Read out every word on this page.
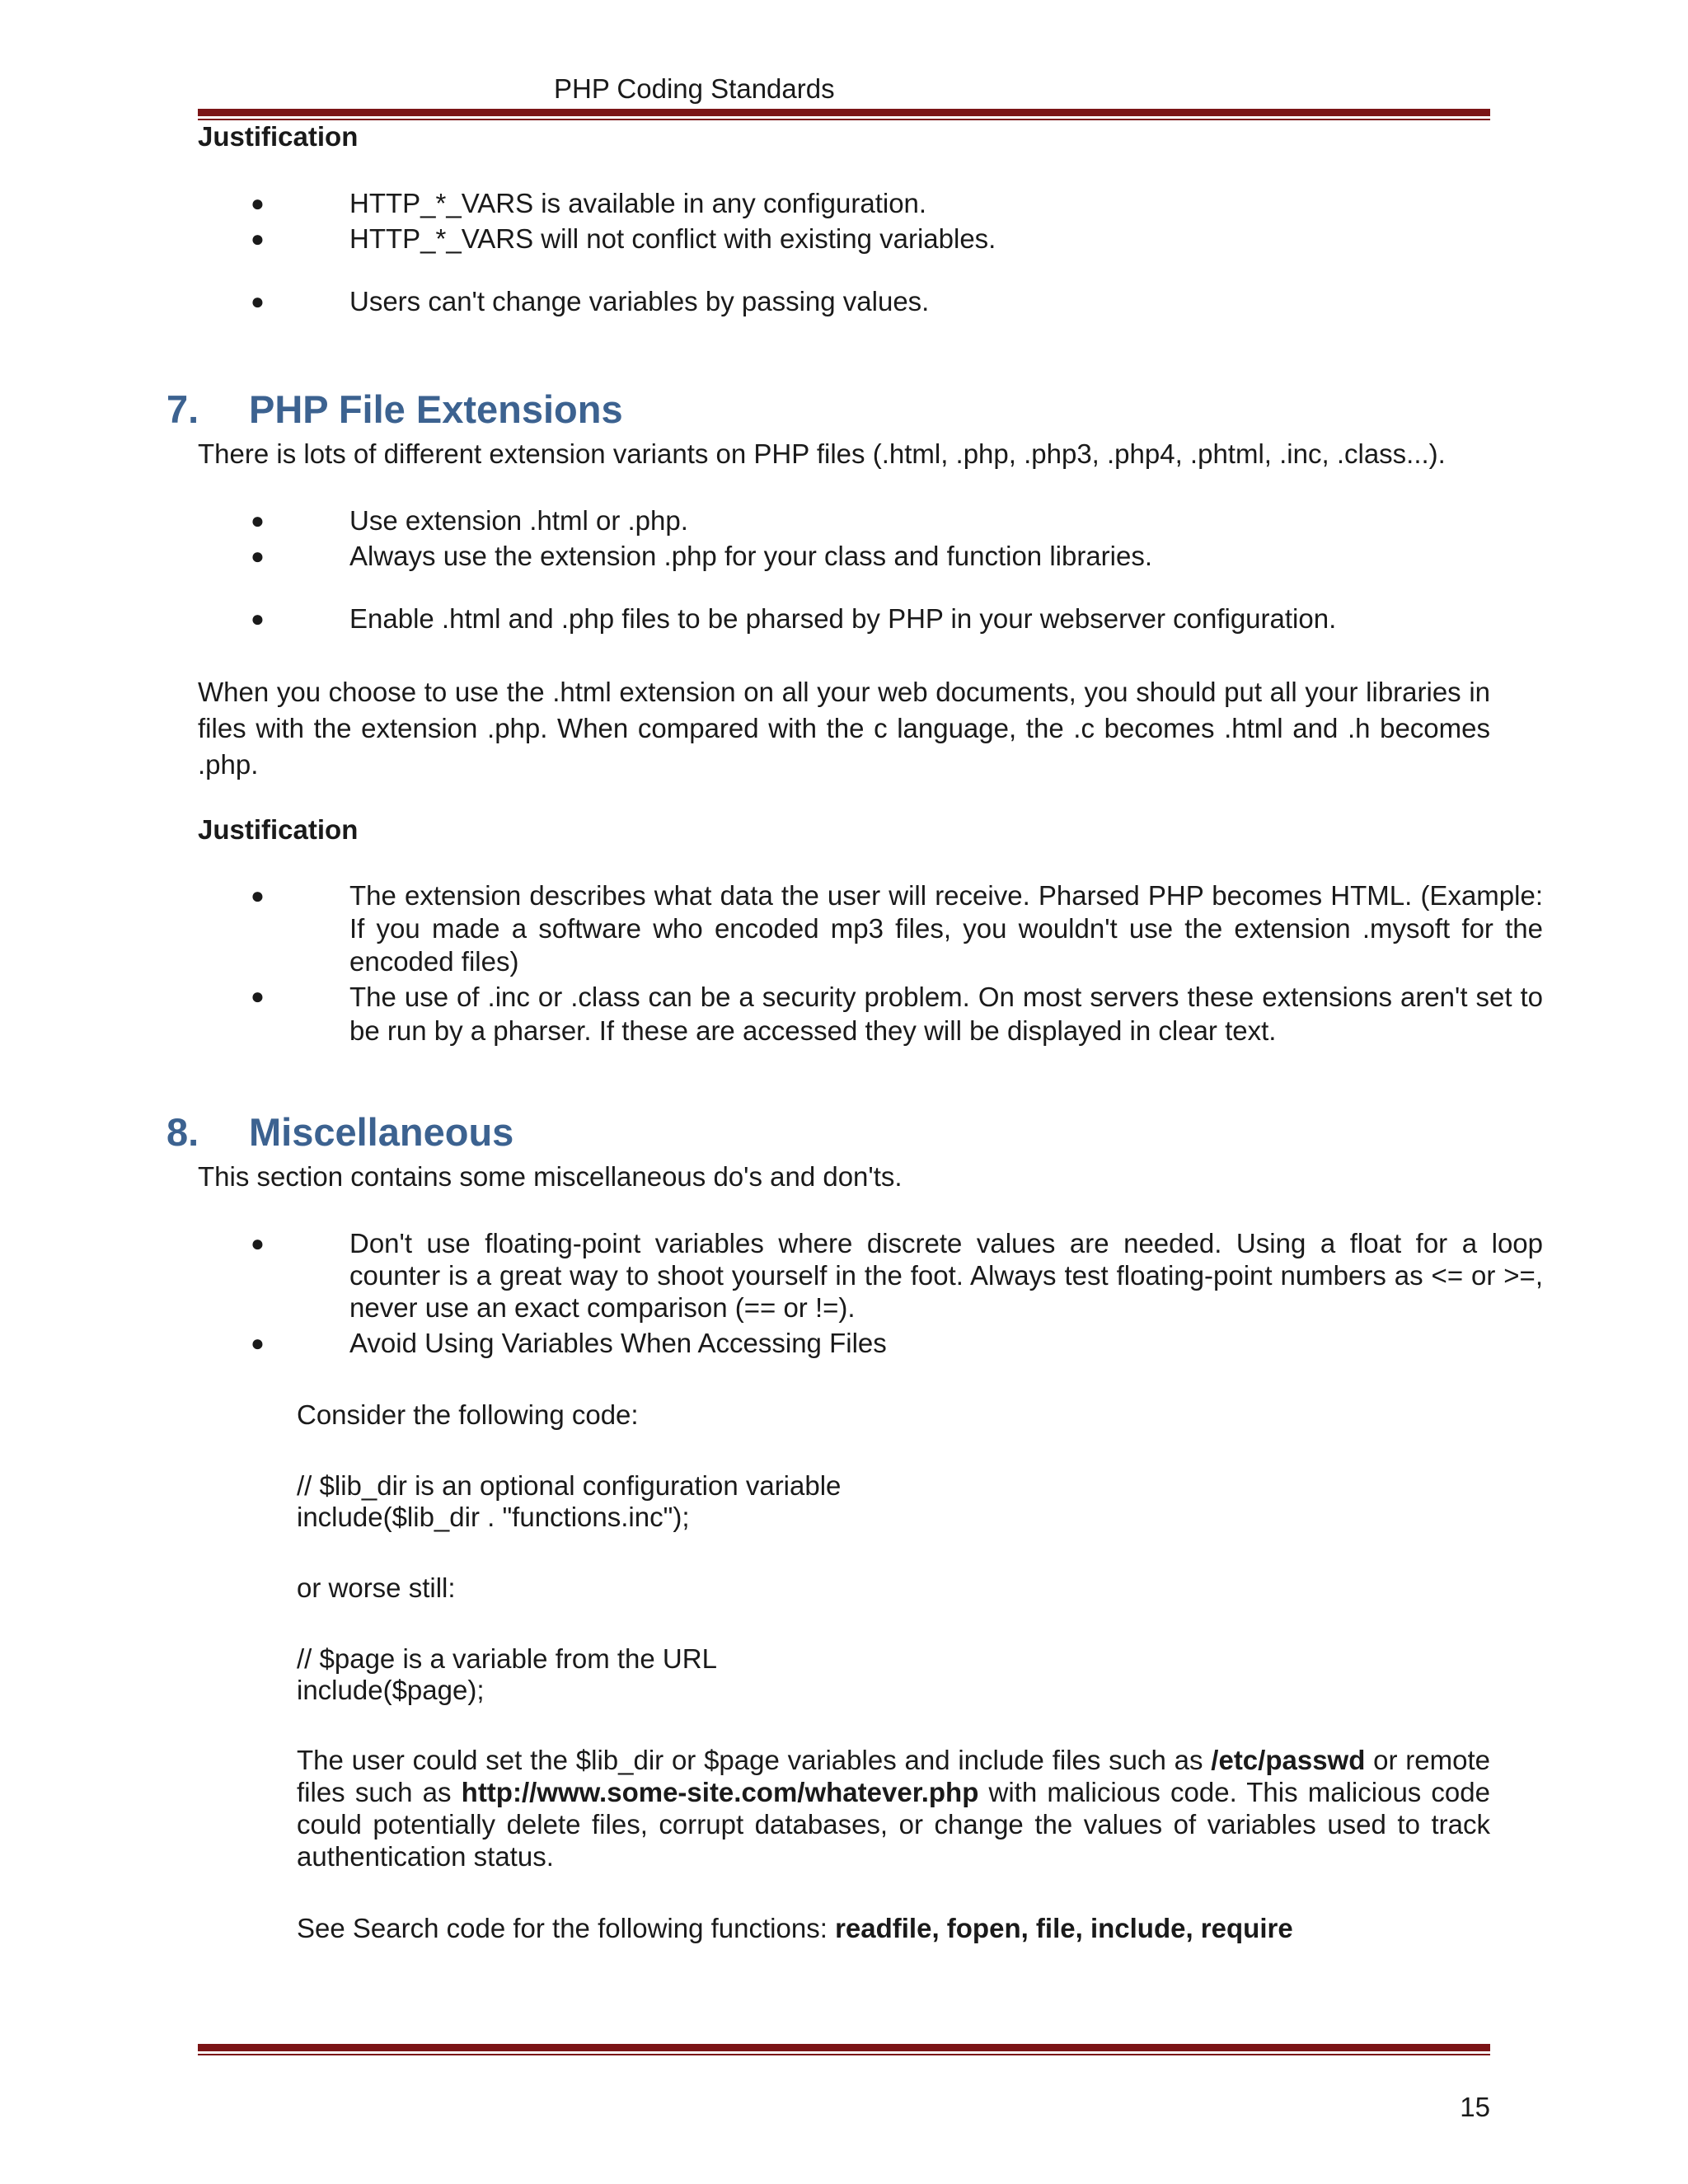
PHP Coding Standards
Justification
●	HTTP_*_VARS is available in any configuration.
●	HTTP_*_VARS will not conflict with existing variables.
●	Users can't change variables by passing values.
7. PHP File Extensions
There is lots of different extension variants on PHP files (.html, .php, .php3, .php4, .phtml, .inc, .class...).
●	Use extension .html or .php.
●	Always use the extension .php for your class and function libraries.
●	Enable .html and .php files to be pharsed by PHP in your webserver configuration.
When you choose to use the .html extension on all your web documents, you should put all your libraries in files with the extension .php. When compared with the c language, the .c becomes .html and .h becomes .php.
Justification
●	The extension describes what data the user will receive. Pharsed PHP becomes HTML. (Example: If you made a software who encoded mp3 files, you wouldn't use the extension .mysoft for the encoded files)
●	The use of .inc or .class can be a security problem. On most servers these extensions aren't set to be run by a pharser. If these are accessed they will be displayed in clear text.
8. Miscellaneous
This section contains some miscellaneous do's and don'ts.
●	Don't use floating-point variables where discrete values are needed. Using a float for a loop counter is a great way to shoot yourself in the foot. Always test floating-point numbers as <= or >=, never use an exact comparison (== or !=).
●	Avoid Using Variables When Accessing Files
Consider the following code:
// $lib_dir is an optional configuration variable
include($lib_dir . "functions.inc");
or worse still:
// $page is a variable from the URL
include($page);
The user could set the $lib_dir or $page variables and include files such as /etc/passwd or remote files such as http://www.some-site.com/whatever.php with malicious code. This malicious code could potentially delete files, corrupt databases, or change the values of variables used to track authentication status.
See Search code for the following functions: readfile, fopen, file, include, require
15
